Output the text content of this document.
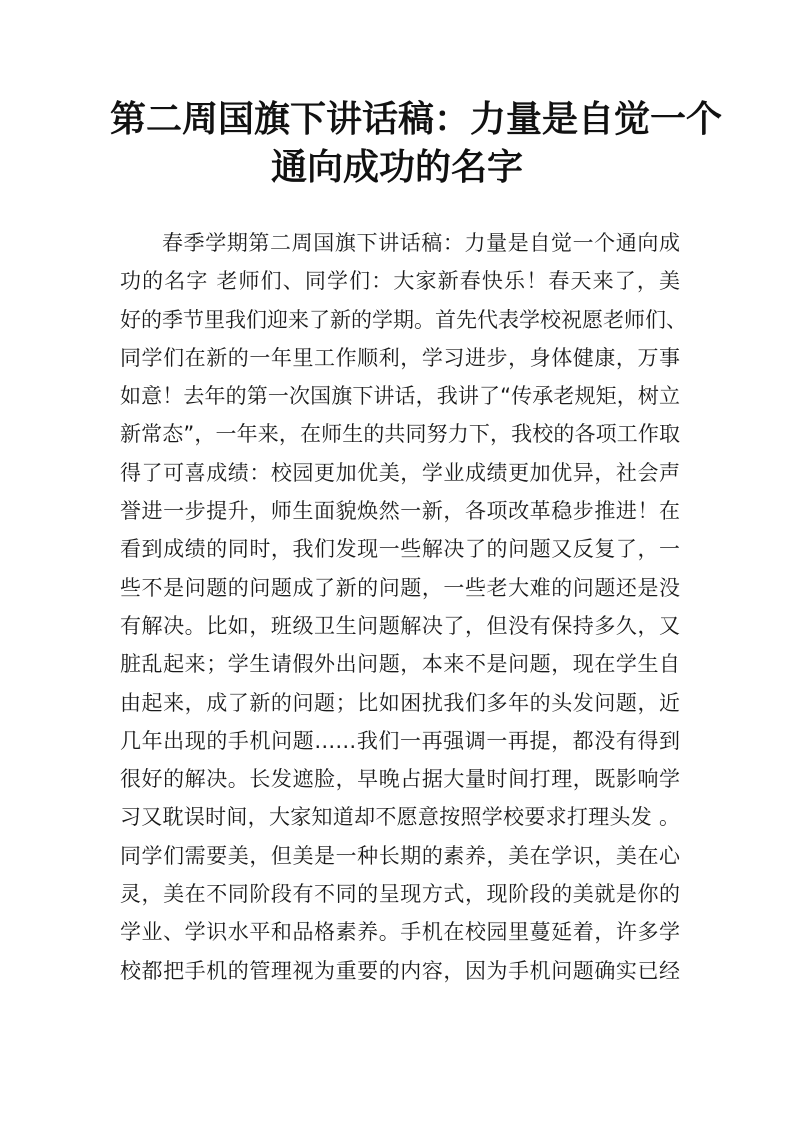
第二周国旗下讲话稿：力量是自觉一个
通向成功的名字
春季学期第二周国旗下讲话稿：力量是自觉一个通向成
功的名字 老师们、同学们：大家新春快乐！春天来了，美
好的季节里我们迎来了新的学期。首先代表学校祝愿老师们、
同学们在新的一年里工作顺利，学习进步，身体健康，万事
如意！去年的第一次国旗下讲话，我讲了“传承老规矩，树立
新常态”，一年来，在师生的共同努力下，我校的各项工作取
得了可喜成绩：校园更加优美，学业成绩更加优异，社会声
誉进一步提升，师生面貌焕然一新，各项改革稳步推进！在
看到成绩的同时，我们发现一些解决了的问题又反复了，一
些不是问题的问题成了新的问题，一些老大难的问题还是没
有解决。比如，班级卫生问题解决了，但没有保持多久，又
脏乱起来；学生请假外出问题，本来不是问题，现在学生自
由起来，成了新的问题；比如困扰我们多年的头发问题，近
几年出现的手机问题……我们一再强调一再提，都没有得到
很好的解决。长发遮脸，早晚占据大量时间打理，既影响学
习又耽误时间，大家知道却不愿意按照学校要求打理头发 。
同学们需要美，但美是一种长期的素养，美在学识，美在心
灵，美在不同阶段有不同的呈现方式，现阶段的美就是你的
学业、学识水平和品格素养。手机在校园里蔓延着，许多学
校都把手机的管理视为重要的内容，因为手机问题确实已经
